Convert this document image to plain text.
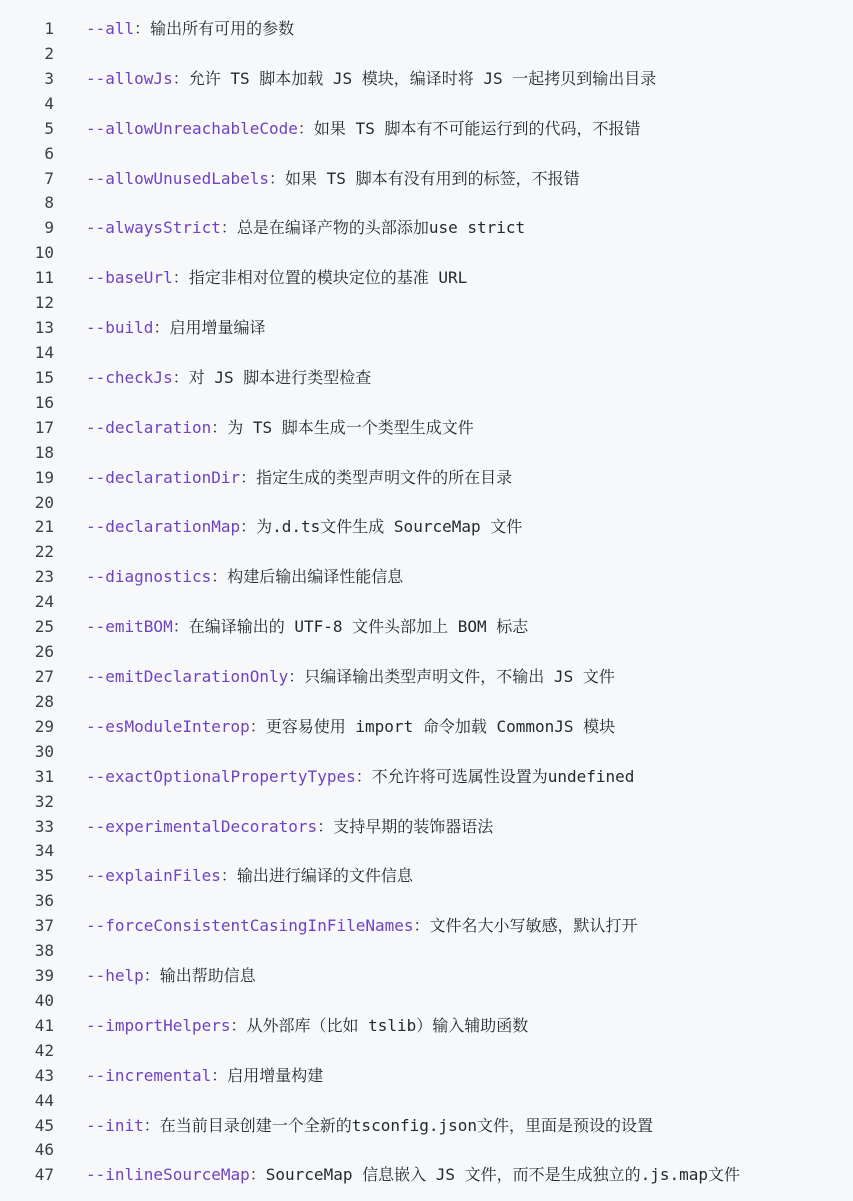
1 --all：输出所有可用的参数
2
3 --allowJs：允许 TS 脚本加载 JS 模块，编译时将 JS 一起拷贝到输出目录
4
5 --allowUnreachableCode：如果 TS 脚本有不可能运行到的代码，不报错
6
7 --allowUnusedLabels：如果 TS 脚本有没有用到的标签，不报错
8
9 --alwaysStrict：总是在编译产物的头部添加use strict
10
11 --baseUrl：指定非相对位置的模块定位的基准 URL
12
13 --build：启用增量编译
14
15 --checkJs：对 JS 脚本进行类型检查
16
17 --declaration：为 TS 脚本生成一个类型生成文件
18
19 --declarationDir：指定生成的类型声明文件的所在目录
20
21 --declarationMap：为.d.ts文件生成 SourceMap 文件
22
23 --diagnostics：构建后输出编译性能信息
24
25 --emitBOM：在编译输出的 UTF-8 文件头部加上 BOM 标志
26
27 --emitDeclarationOnly：只编译输出类型声明文件，不输出 JS 文件
28
29 --esModuleInterop：更容易使用 import 命令加载 CommonJS 模块
30
31 --exactOptionalPropertyTypes：不允许将可选属性设置为undefined
32
33 --experimentalDecorators：支持早期的装饰器语法
34
35 --explainFiles：输出进行编译的文件信息
36
37 --forceConsistentCasingInFileNames：文件名大小写敏感，默认打开
38
39 --help：输出帮助信息
40
41 --importHelpers：从外部库（比如 tslib）输入辅助函数
42
43 --incremental：启用增量构建
44
45 --init：在当前目录创建一个全新的tsconfig.json文件，里面是预设的设置
46
47 --inlineSourceMap：SourceMap 信息嵌入 JS 文件，而不是生成独立的.js.map文件
